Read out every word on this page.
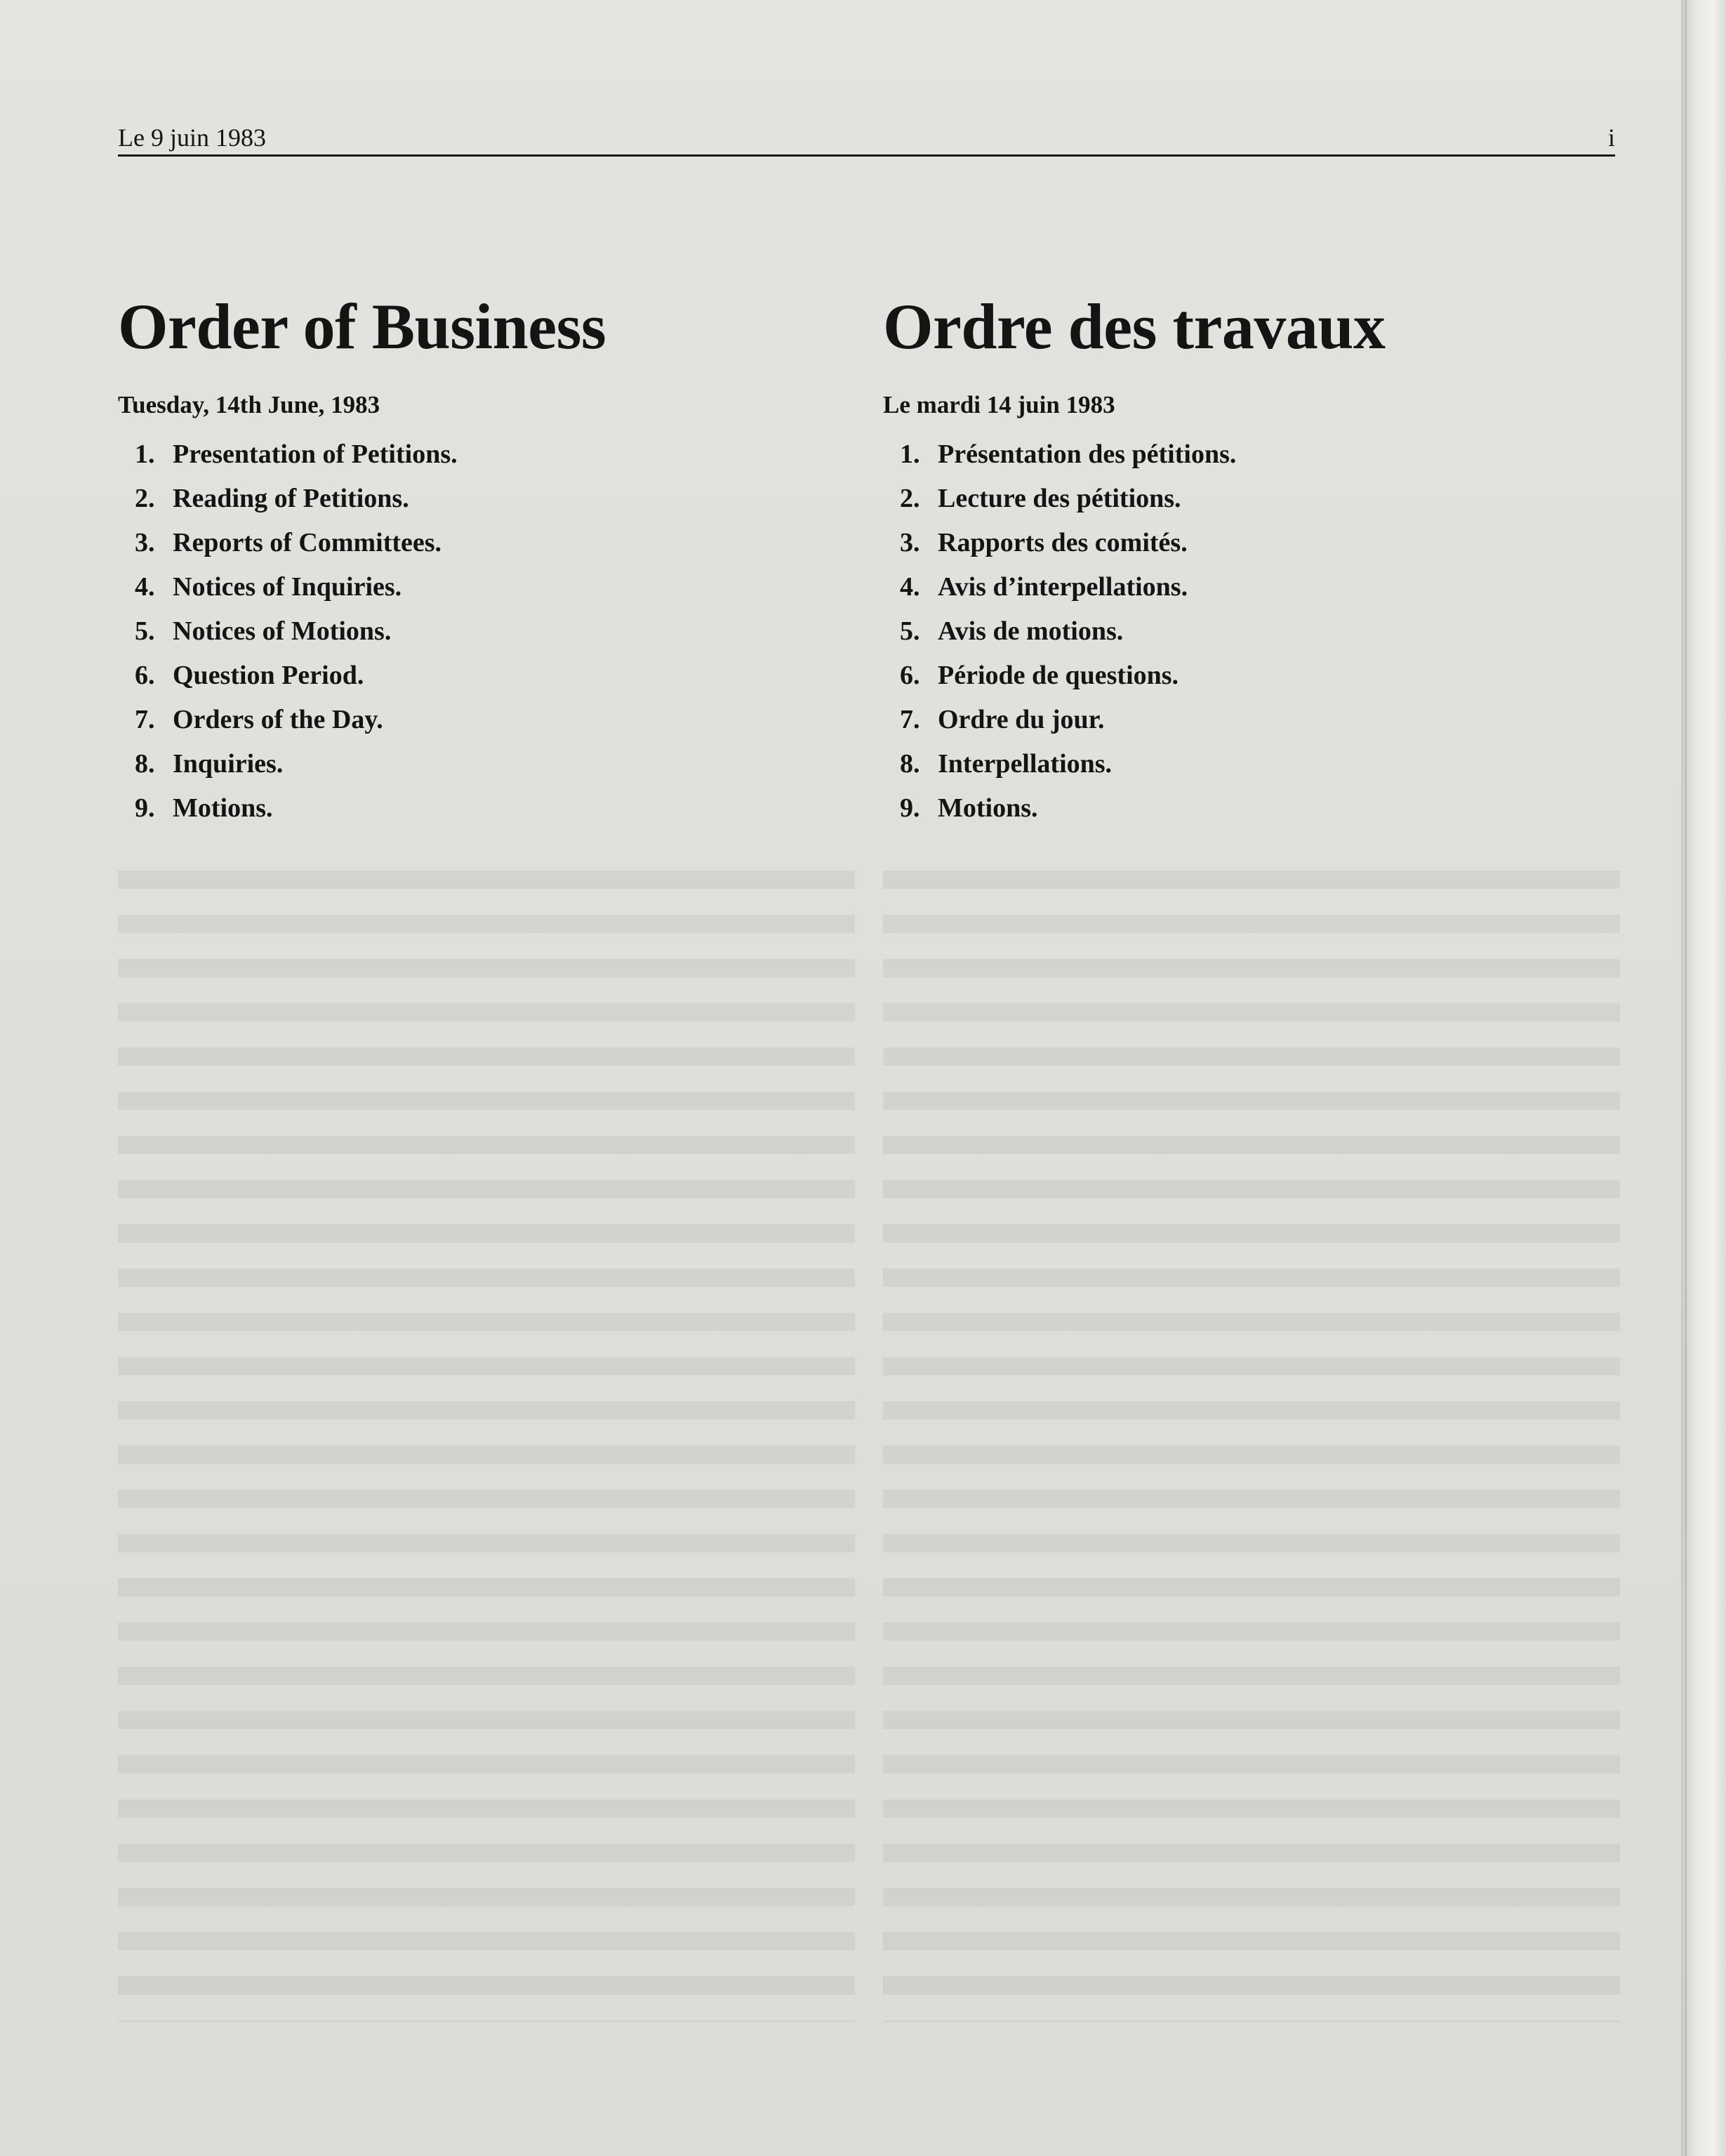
Le 9 juin 1983	i
Order of Business
Tuesday, 14th June, 1983
1. Presentation of Petitions.
2. Reading of Petitions.
3. Reports of Committees.
4. Notices of Inquiries.
5. Notices of Motions.
6. Question Period.
7. Orders of the Day.
8. Inquiries.
9. Motions.
Ordre des travaux
Le mardi 14 juin 1983
1. Présentation des pétitions.
2. Lecture des pétitions.
3. Rapports des comités.
4. Avis d’interpellations.
5. Avis de motions.
6. Période de questions.
7. Ordre du jour.
8. Interpellations.
9. Motions.
